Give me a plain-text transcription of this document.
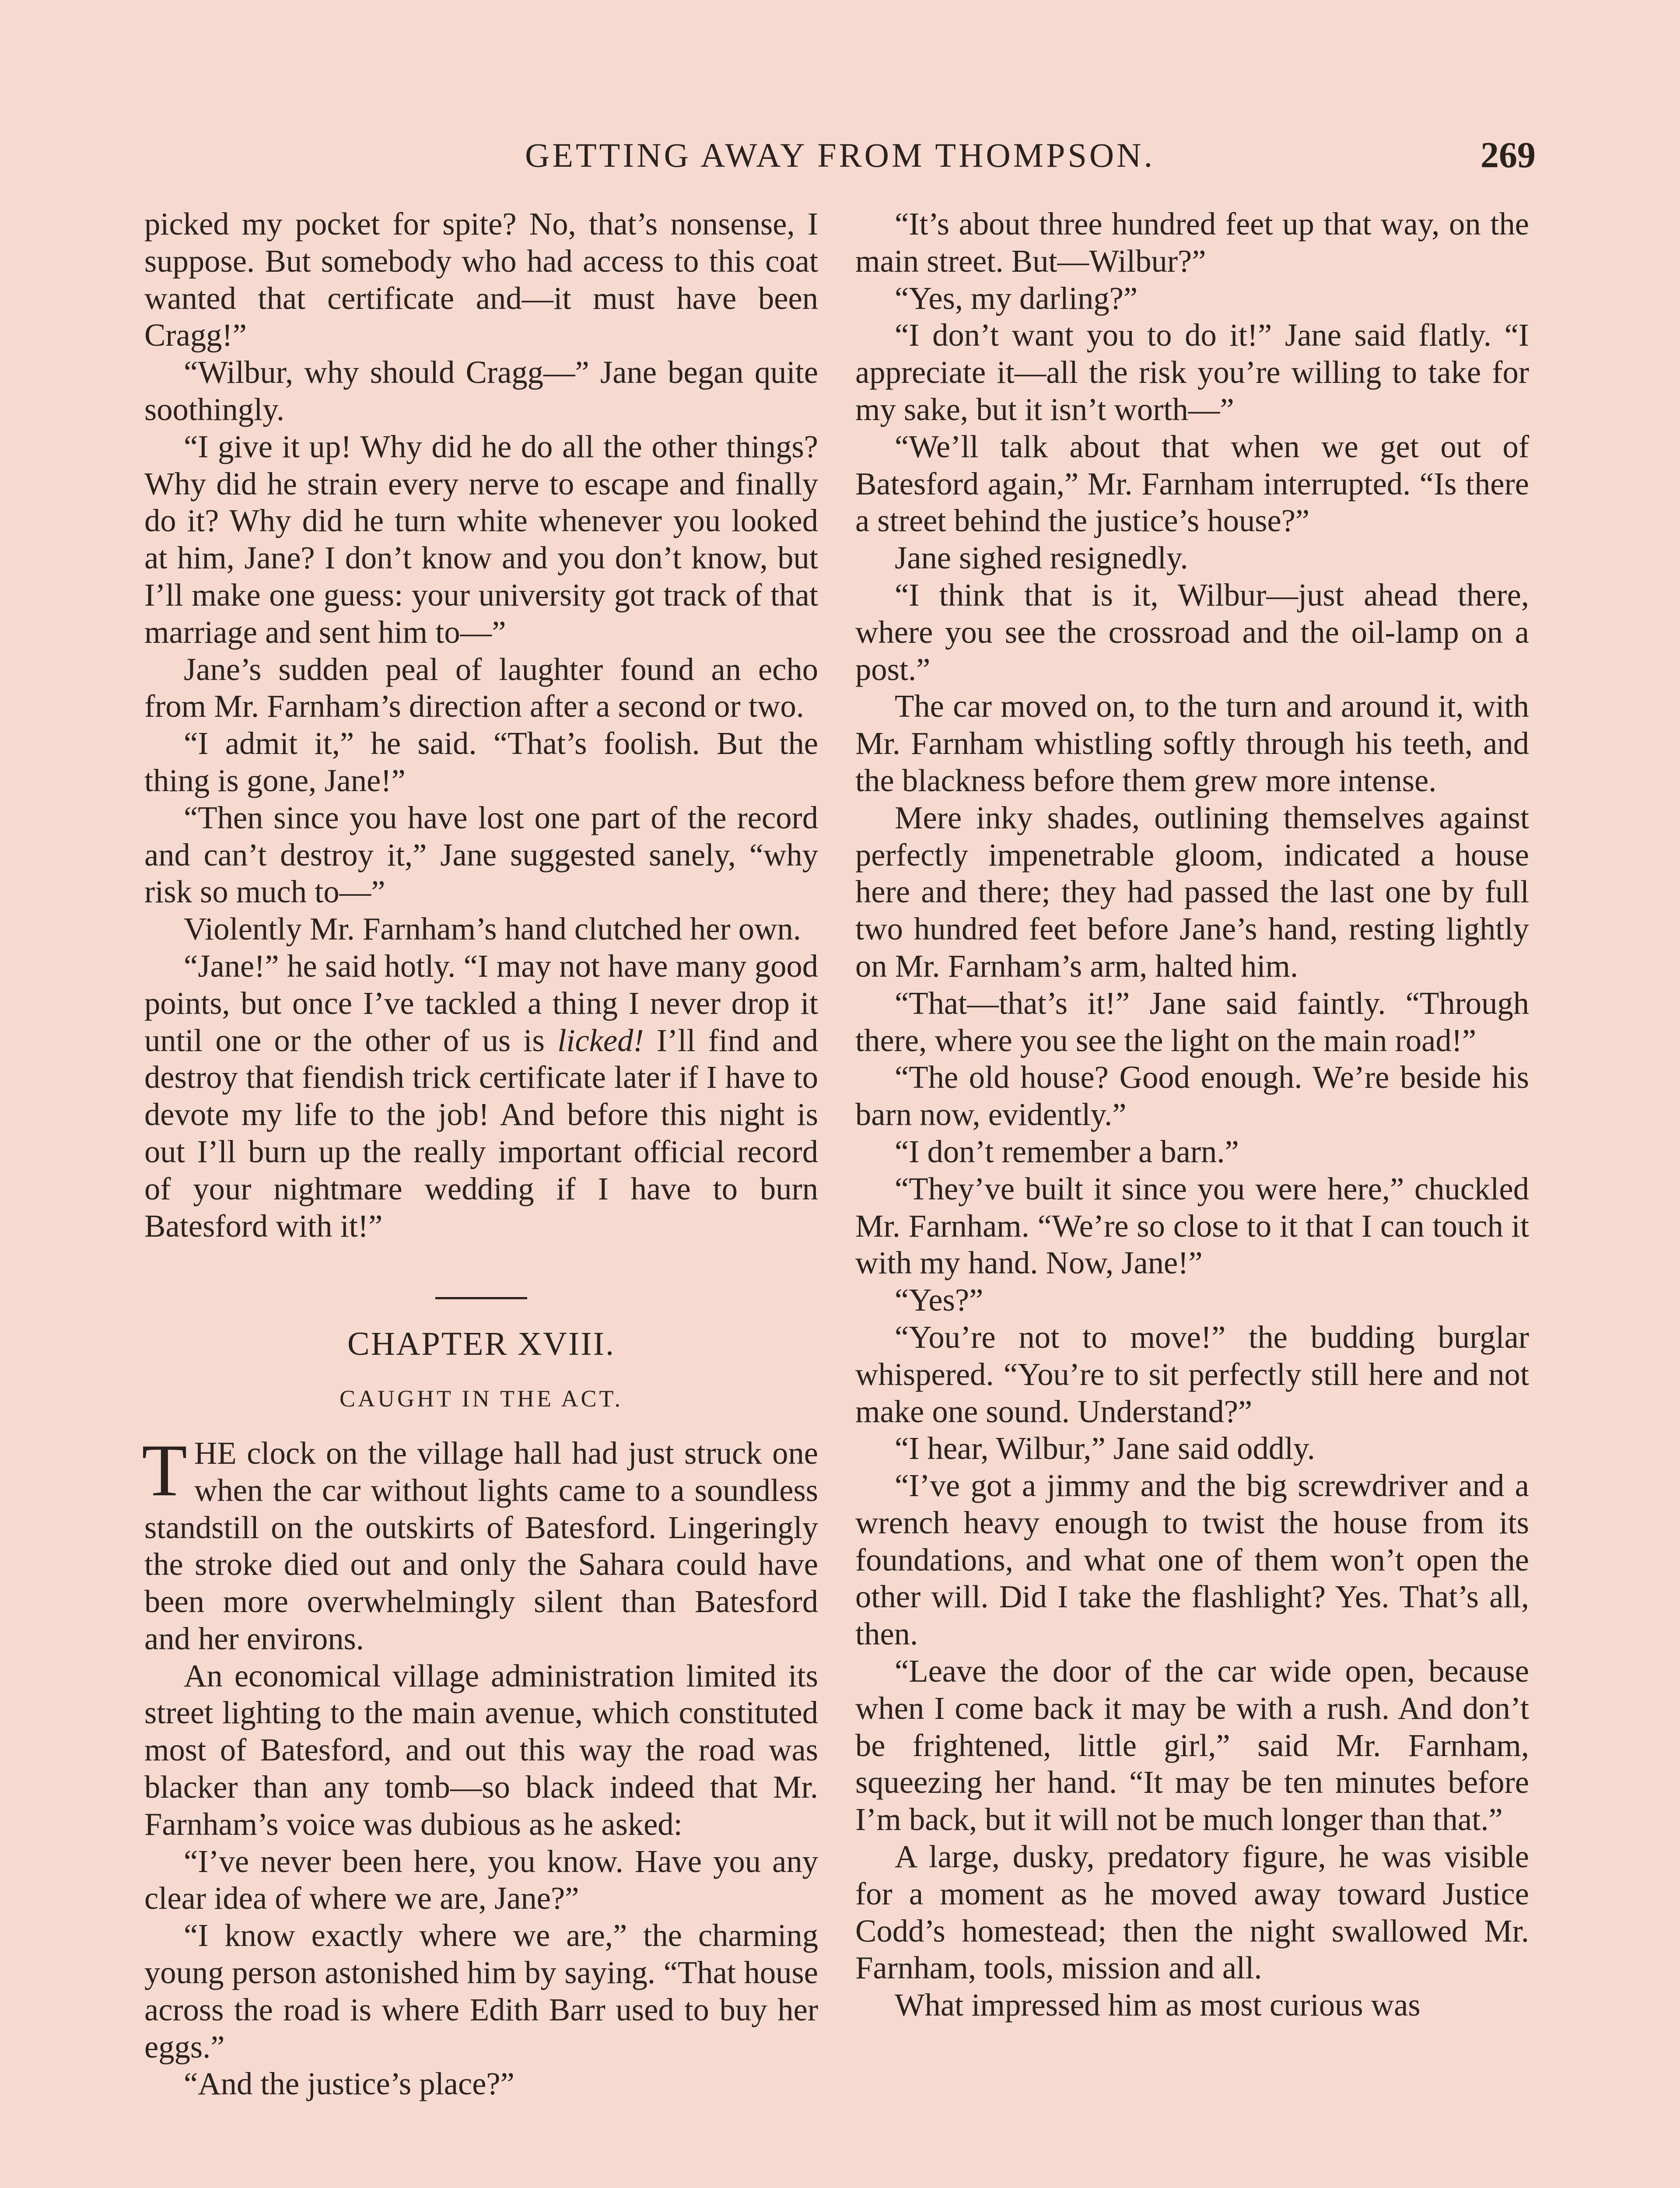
GETTING AWAY FROM THOMPSON.	269

picked my pocket for spite? No, that’s nonsense, I suppose. But somebody who had access to this coat wanted that certificate and—it must have been Cragg!”

“Wilbur, why should Cragg—” Jane began quite soothingly.

“I give it up! Why did he do all the other things? Why did he strain every nerve to escape and finally do it? Why did he turn white whenever you looked at him, Jane? I don’t know and you don’t know, but I’ll make one guess: your university got track of that marriage and sent him to—”

Jane’s sudden peal of laughter found an echo from Mr. Farnham’s direction after a second or two.

“I admit it,” he said. “That’s foolish. But the thing is gone, Jane!”

“Then since you have lost one part of the record and can’t destroy it,” Jane suggested sanely, “why risk so much to—”

Violently Mr. Farnham’s hand clutched her own.

“Jane!” he said hotly. “I may not have many good points, but once I’ve tackled a thing I never drop it until one or the other of us is licked! I’ll find and destroy that fiendish trick certificate later if I have to devote my life to the job! And before this night is out I’ll burn up the really important official record of your nightmare wedding if I have to burn Batesford with it!”

CHAPTER XVIII.
CAUGHT IN THE ACT.

THE clock on the village hall had just struck one when the car without lights came to a soundless standstill on the outskirts of Batesford. Lingeringly the stroke died out and only the Sahara could have been more overwhelmingly silent than Batesford and her environs.

An economical village administration limited its street lighting to the main avenue, which constituted most of Batesford, and out this way the road was blacker than any tomb—so black indeed that Mr. Farnham’s voice was dubious as he asked:

“I’ve never been here, you know. Have you any clear idea of where we are, Jane?”

“I know exactly where we are,” the charming young person astonished him by saying. “That house across the road is where Edith Barr used to buy her eggs.”

“And the justice’s place?”

“It’s about three hundred feet up that way, on the main street. But—Wilbur?”

“Yes, my darling?”

“I don’t want you to do it!” Jane said flatly. “I appreciate it—all the risk you’re willing to take for my sake, but it isn’t worth—”

“We’ll talk about that when we get out of Batesford again,” Mr. Farnham interrupted. “Is there a street behind the justice’s house?”

Jane sighed resignedly.

“I think that is it, Wilbur—just ahead there, where you see the crossroad and the oil-lamp on a post.”

The car moved on, to the turn and around it, with Mr. Farnham whistling softly through his teeth, and the blackness before them grew more intense.

Mere inky shades, outlining themselves against perfectly impenetrable gloom, indicated a house here and there; they had passed the last one by full two hundred feet before Jane’s hand, resting lightly on Mr. Farnham’s arm, halted him.

“That—that’s it!” Jane said faintly. “Through there, where you see the light on the main road!”

“The old house? Good enough. We’re beside his barn now, evidently.”

“I don’t remember a barn.”

“They’ve built it since you were here,” chuckled Mr. Farnham. “We’re so close to it that I can touch it with my hand. Now, Jane!”

“Yes?”

“You’re not to move!” the budding burglar whispered. “You’re to sit perfectly still here and not make one sound. Understand?”

“I hear, Wilbur,” Jane said oddly.

“I’ve got a jimmy and the big screwdriver and a wrench heavy enough to twist the house from its foundations, and what one of them won’t open the other will. Did I take the flashlight? Yes. That’s all, then.

“Leave the door of the car wide open, because when I come back it may be with a rush. And don’t be frightened, little girl,” said Mr. Farnham, squeezing her hand. “It may be ten minutes before I’m back, but it will not be much longer than that.”

A large, dusky, predatory figure, he was visible for a moment as he moved away toward Justice Codd’s homestead; then the night swallowed Mr. Farnham, tools, mission and all.

What impressed him as most curious was
